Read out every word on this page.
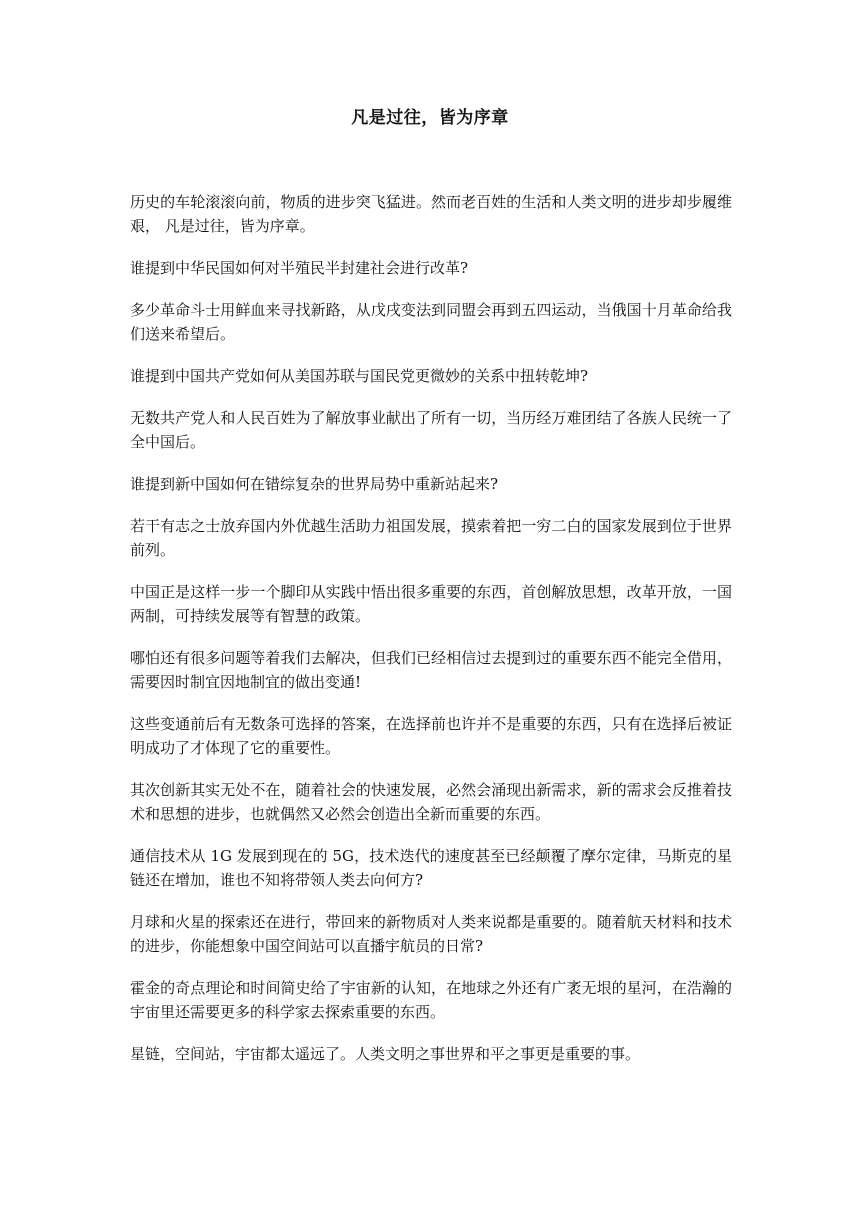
凡是过往，皆为序章

历史的车轮滚滚向前，物质的进步突飞猛进。然而老百姓的生活和人类文明的进步却步履维艰， 凡是过往，皆为序章。

谁提到中华民国如何对半殖民半封建社会进行改革?

多少革命斗士用鲜血来寻找新路，从戊戌变法到同盟会再到五四运动，当俄国十月革命给我们送来希望后。

谁提到中国共产党如何从美国苏联与国民党更微妙的关系中扭转乾坤?

无数共产党人和人民百姓为了解放事业献出了所有一切，当历经万难团结了各族人民统一了全中国后。

谁提到新中国如何在错综复杂的世界局势中重新站起来?

若干有志之士放弃国内外优越生活助力祖国发展，摸索着把一穷二白的国家发展到位于世界前列。

中国正是这样一步一个脚印从实践中悟出很多重要的东西，首创解放思想，改革开放，一国两制，可持续发展等有智慧的政策。

哪怕还有很多问题等着我们去解决，但我们已经相信过去提到过的重要东西不能完全借用，需要因时制宜因地制宜的做出变通!

这些变通前后有无数条可选择的答案，在选择前也许并不是重要的东西，只有在选择后被证明成功了才体现了它的重要性。

其次创新其实无处不在，随着社会的快速发展，必然会涌现出新需求，新的需求会反推着技术和思想的进步，也就偶然又必然会创造出全新而重要的东西。

通信技术从 1G 发展到现在的 5G，技术迭代的速度甚至已经颠覆了摩尔定律，马斯克的星链还在增加，谁也不知将带领人类去向何方?

月球和火星的探索还在进行，带回来的新物质对人类来说都是重要的。随着航天材料和技术的进步，你能想象中国空间站可以直播宇航员的日常?

霍金的奇点理论和时间简史给了宇宙新的认知，在地球之外还有广袤无垠的星河，在浩瀚的宇宙里还需要更多的科学家去探索重要的东西。

星链，空间站，宇宙都太遥远了。人类文明之事世界和平之事更是重要的事。
